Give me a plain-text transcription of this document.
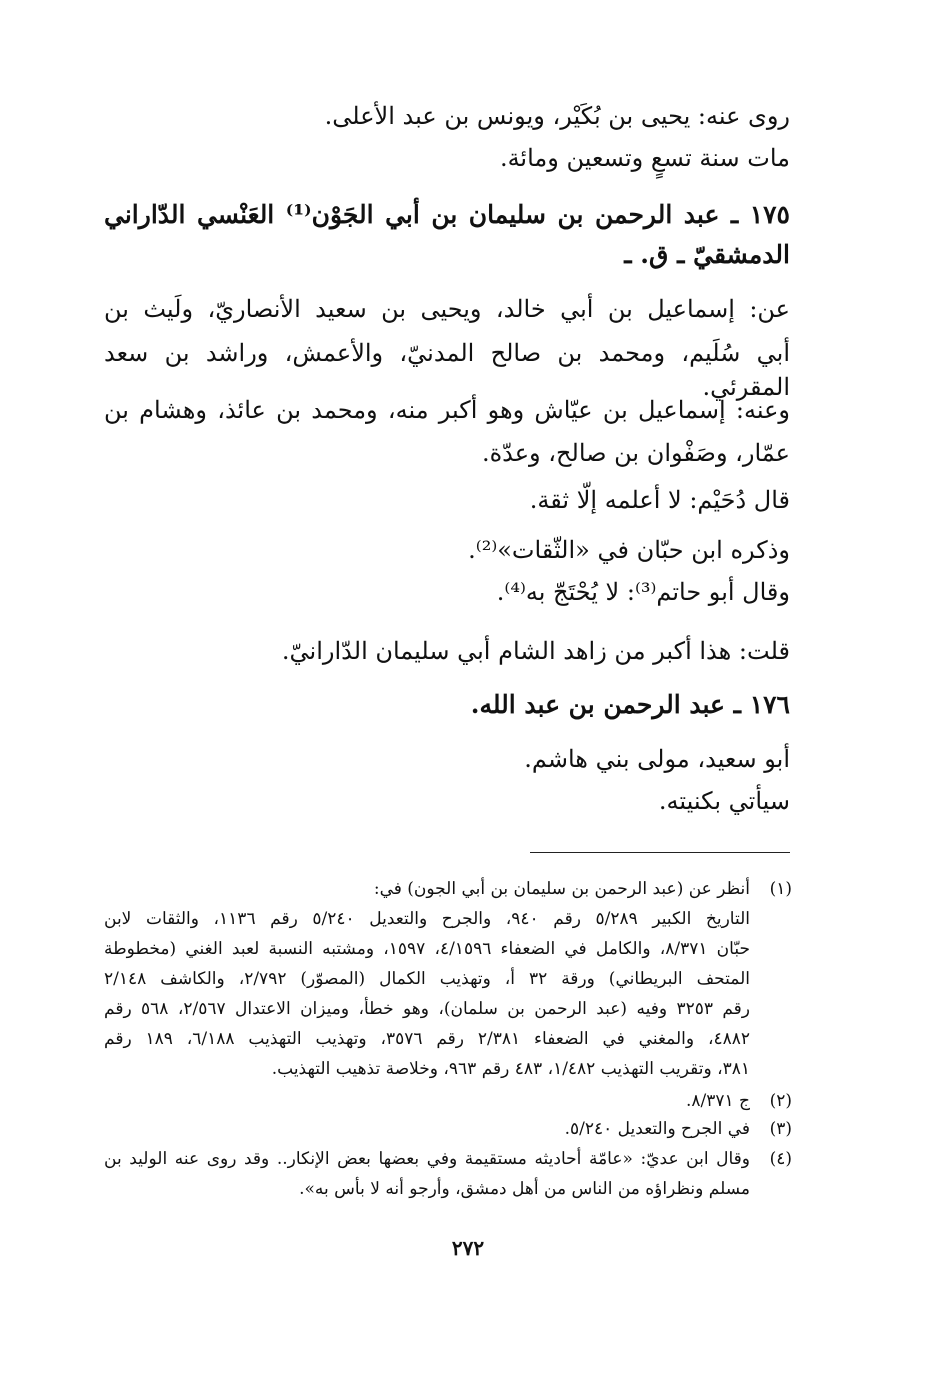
روى عنه: يحيى بن بُكَيْر، ويونس بن عبد الأعلى.
مات سنة تسعٍ وتسعين ومائة.
١٧٥ ـ عبد الرحمن بن سليمان بن أبي الجَوْن⁽¹⁾ العَنْسي الدّاراني
الدمشقيّ ـ ق. ـ
عن: إسماعيل بن أبي خالد، ويحيى بن سعيد الأنصاريّ، ولَيث بن
أبي سُلَيم، ومحمد بن صالح المدنيّ، والأعمش، وراشد بن سعد المقرئي.
وعنه: إسماعيل بن عيّاش وهو أكبر منه، ومحمد بن عائذ، وهشام بن
عمّار، وصَفْوان بن صالح، وعدّة.
قال دُحَيْم: لا أعلمه إلّا ثقة.
وذكره ابن حبّان في «الثّقات»⁽²⁾.
وقال أبو حاتم⁽³⁾: لا يُحْتَجّ به⁽⁴⁾.
قلت: هذا أكبر من زاهد الشام أبي سليمان الدّارانيّ.
١٧٦ ـ عبد الرحمن بن عبد الله.
أبو سعيد، مولى بني هاشم.
سيأتي بكنيته.
(١)
أنظر عن (عبد الرحمن بن سليمان بن أبي الجون) في:
التاريخ الكبير ٥/٢٨٩ رقم ٩٤٠، والجرح والتعديل ٥/٢٤٠ رقم ١١٣٦، والثقات لابن
حبّان ٨/٣٧١، والكامل في الضعفاء ٤/١٥٩٦، ١٥٩٧، ومشتبه النسبة لعبد الغني (مخطوطة
المتحف البريطاني) ورقة ٣٢ أ، وتهذيب الكمال (المصوّر) ٢/٧٩٢، والكاشف ٢/١٤٨
رقم ٣٢٥٣ وفيه (عبد الرحمن بن سلمان)، وهو خطأ، وميزان الاعتدال ٢/٥٦٧، ٥٦٨ رقم
٤٨٨٢، والمغني في الضعفاء ٢/٣٨١ رقم ٣٥٧٦، وتهذيب التهذيب ٦/١٨٨، ١٨٩ رقم
٣٨١، وتقريب التهذيب ١/٤٨٢، ٤٨٣ رقم ٩٦٣، وخلاصة تذهيب التهذيب.
(٢)
ج ٨/٣٧١.
(٣)
في الجرح والتعديل ٥/٢٤٠.
(٤)
وقال ابن عديّ: «عامّة أحاديثه مستقيمة وفي بعضها بعض الإنكار.. وقد روى عنه الوليد بن
مسلم ونظراؤه من الناس من أهل دمشق، وأرجو أنه لا بأس به».
٢٧٢
